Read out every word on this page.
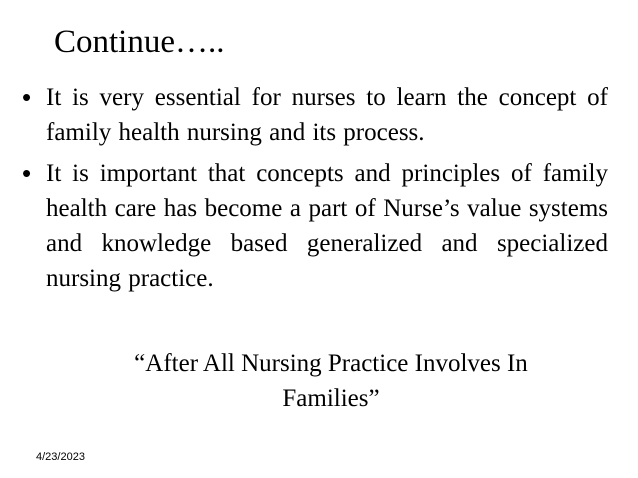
Continue…..
• It is very essential for nurses to learn the concept of family health nursing and its process.
• It is important that concepts and principles of family health care has become a part of Nurse’s value systems and knowledge based generalized and specialized nursing practice.
“After All Nursing Practice Involves In
Families”
4/23/2023
